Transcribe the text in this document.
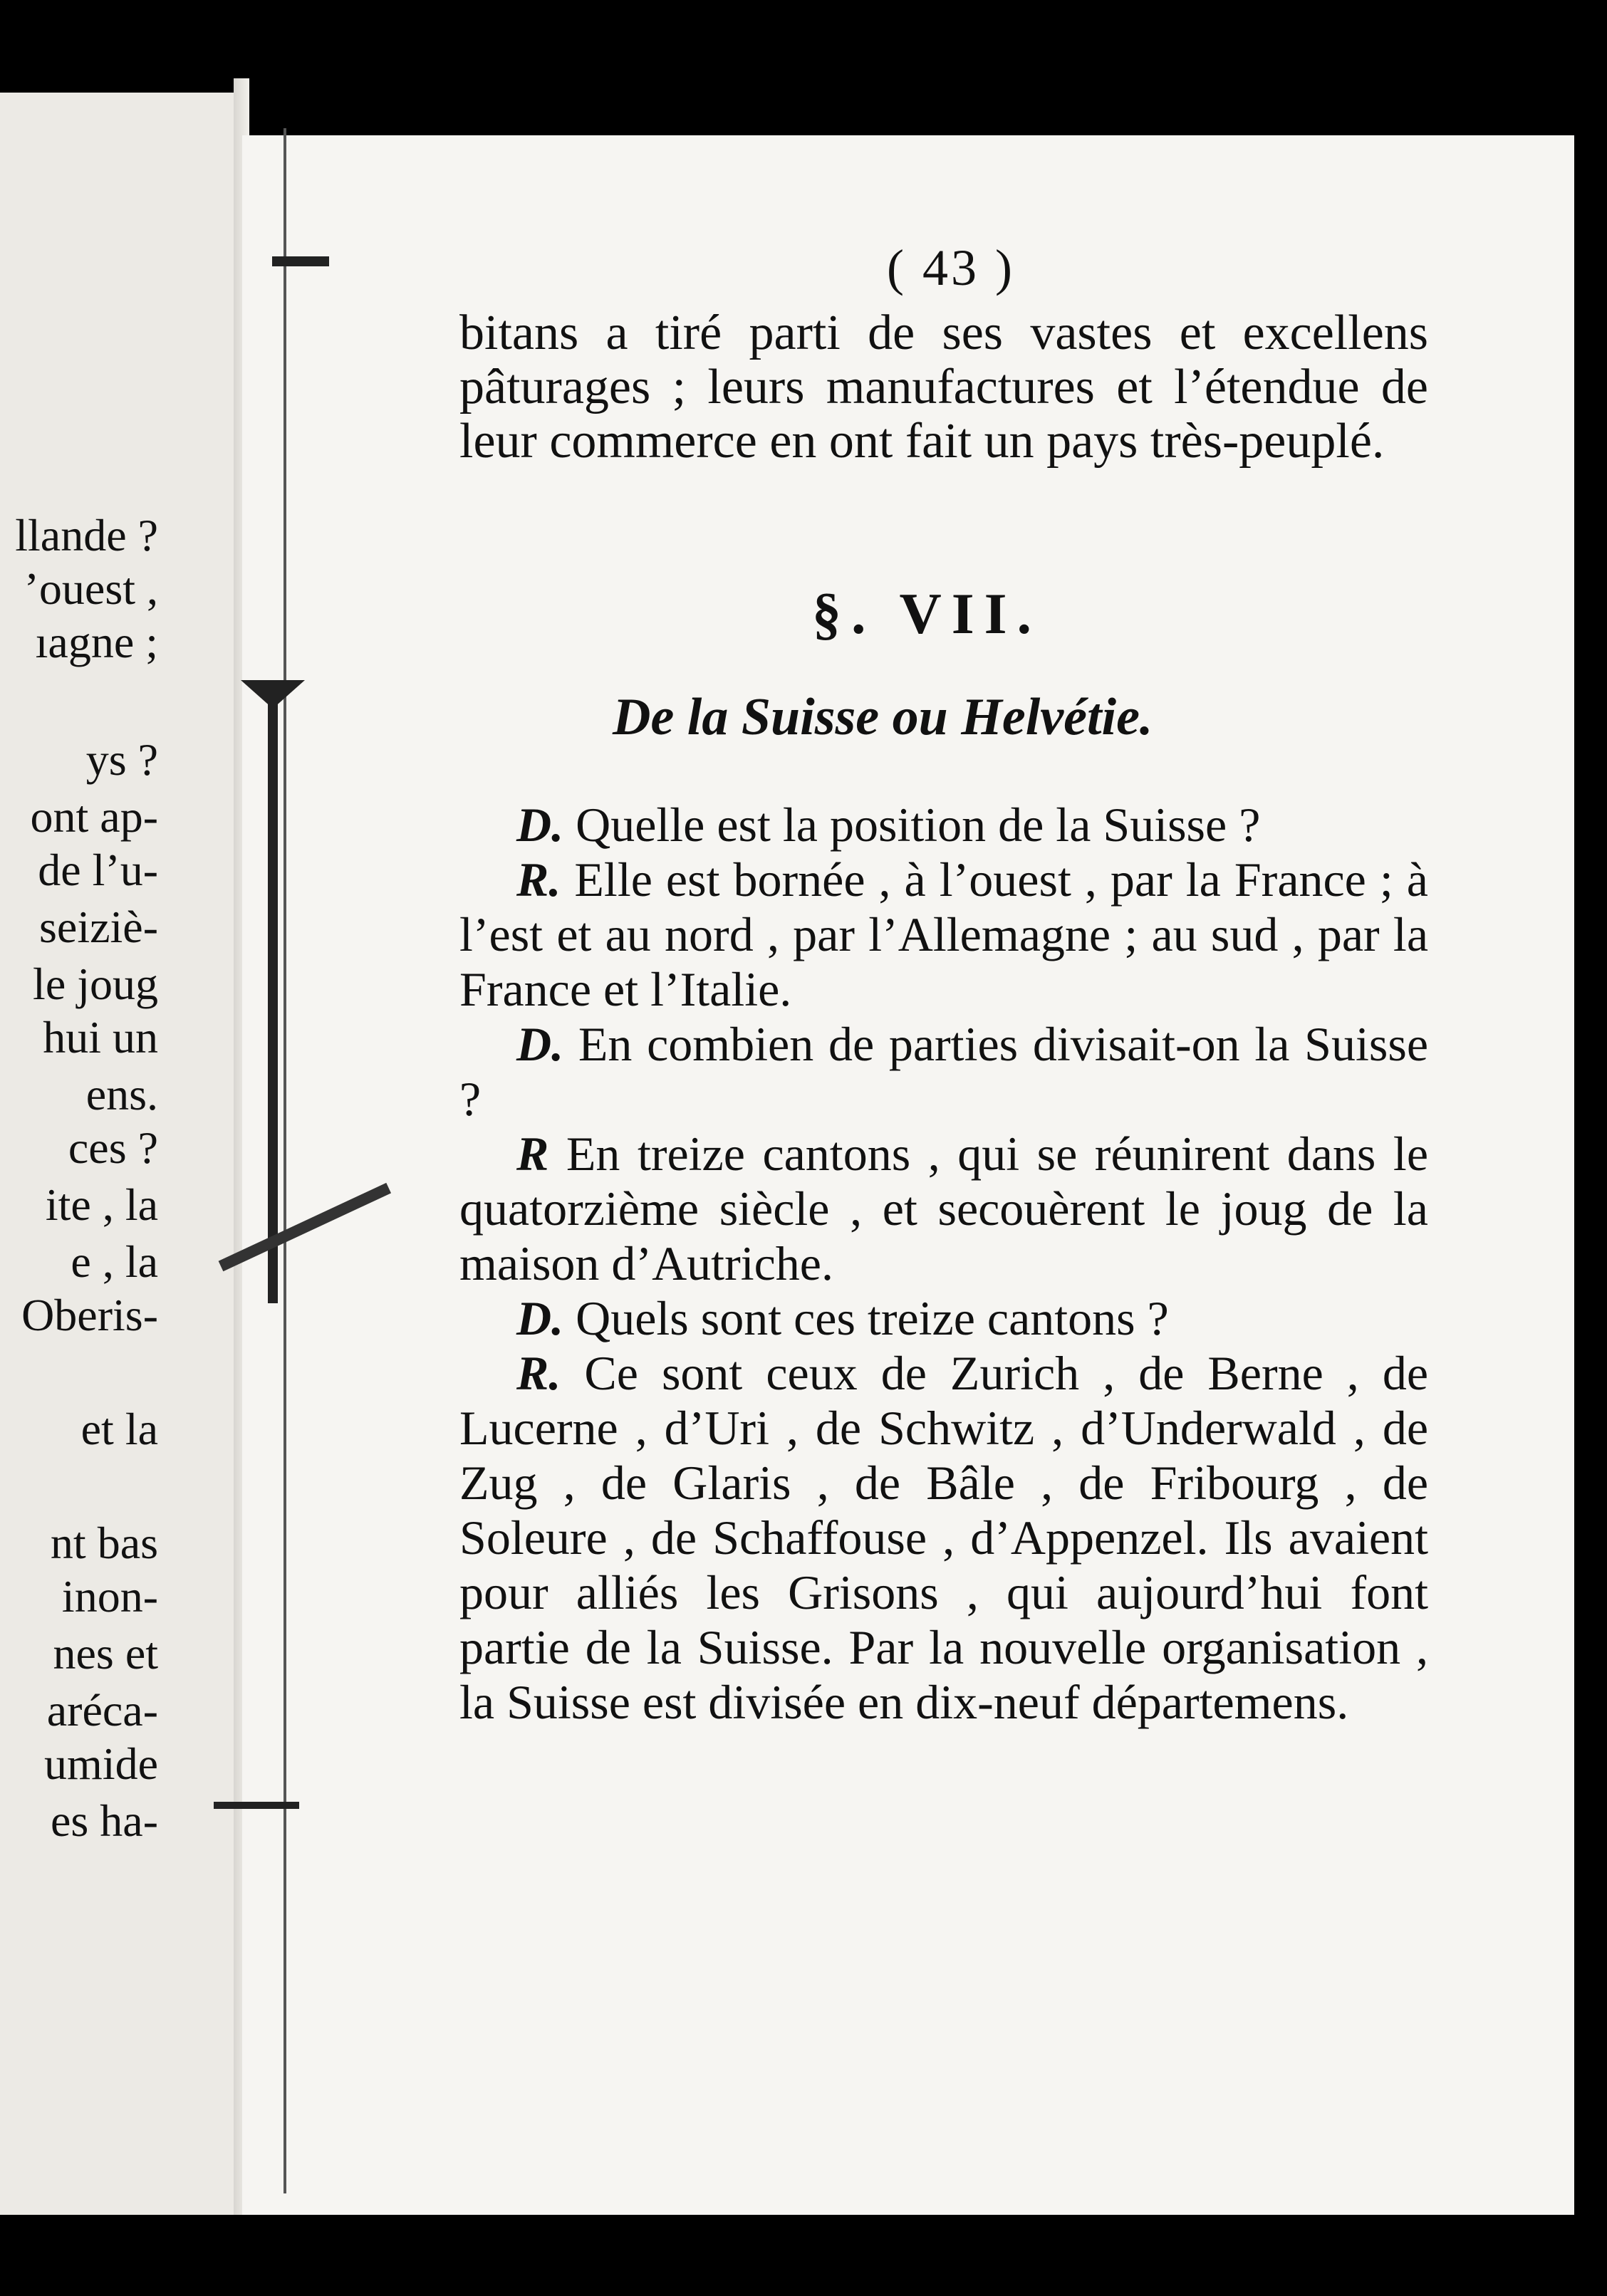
llande ?
’ouest ,
ıagne ;
ys ?
ont ap-
de l’u-
seiziè-
le joug
hui un
ens.
ces ?
ite , la
e , la
Oberis-
et la
nt bas
inon-
nes et
aréca-
umide
es ha-
( 43 )

bitans a tiré parti de ses vastes et excellens pâturages ; leurs manufactures et l’étendue de leur commerce en ont fait un pays très-peuplé.

§. VII.
De la Suisse ou Helvétie.

D. Quelle est la position de la Suisse ?

R. Elle est bornée , à l’ouest , par la France ; à l’est et au nord , par l’Allemagne ; au sud , par la France et l’Italie.

D. En combien de parties divisait-on la Suisse ?

R En treize cantons , qui se réunirent dans le quatorzième siècle , et secouèrent le joug de la maison d’Autriche.

D. Quels sont ces treize cantons ?

R. Ce sont ceux de Zurich , de Berne , de Lucerne , d’Uri , de Schwitz , d’Underwald , de Zug , de Glaris , de Bâle , de Fribourg , de Soleure , de Schaffouse , d’Appenzel. Ils avaient pour alliés les Grisons , qui aujourd’hui font partie de la Suisse. Par la nouvelle organisation , la Suisse est divisée en dix-neuf départemens.
